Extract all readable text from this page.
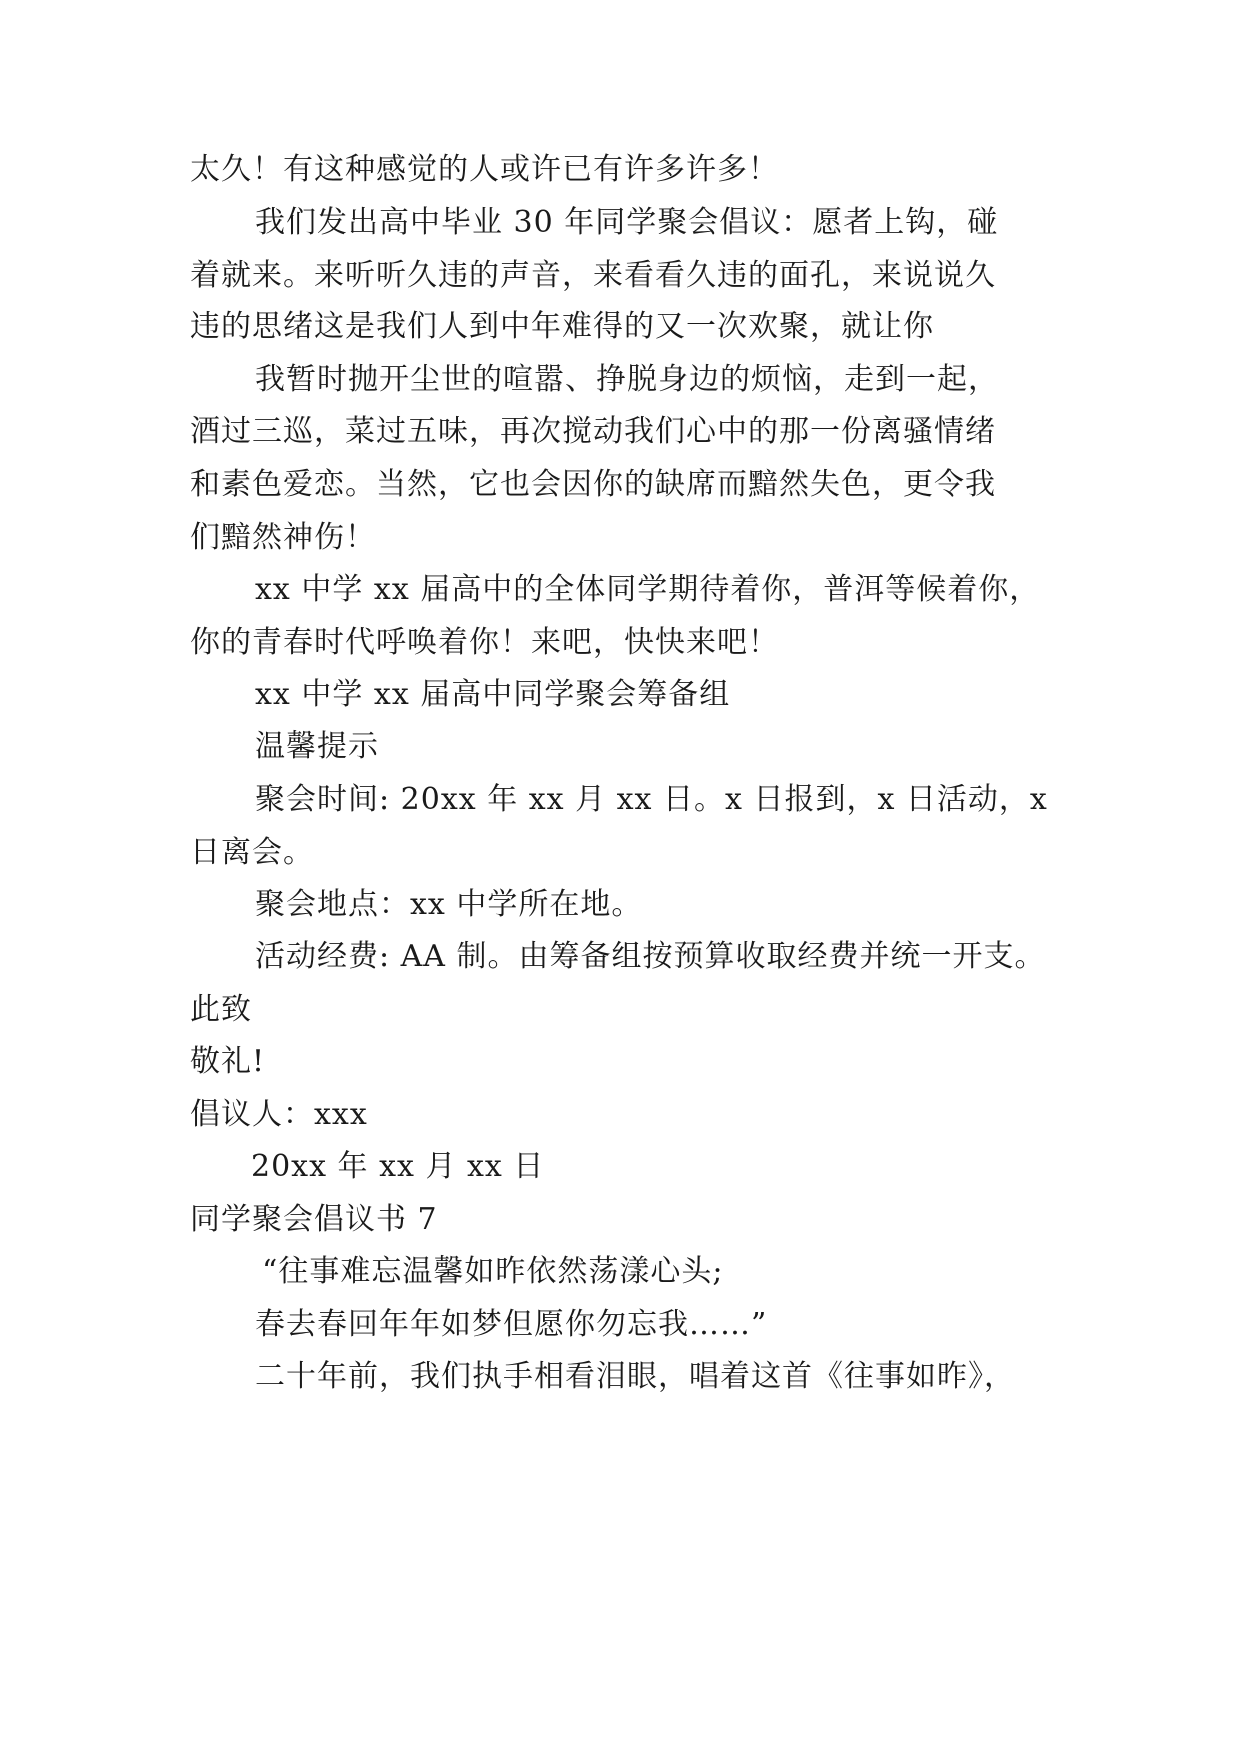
太久！有这种感觉的人或许已有许多许多！
我们发出高中毕业 30 年同学聚会倡议：愿者上钩，碰
着就来。来听听久违的声音，来看看久违的面孔，来说说久
违的思绪这是我们人到中年难得的又一次欢聚，就让你
我暂时抛开尘世的喧嚣、挣脱身边的烦恼，走到一起，
酒过三巡，菜过五味，再次搅动我们心中的那一份离骚情绪
和素色爱恋。当然，它也会因你的缺席而黯然失色，更令我
们黯然神伤！
xx 中学 xx 届高中的全体同学期待着你，普洱等候着你，
你的青春时代呼唤着你！来吧，快快来吧！
xx 中学 xx 届高中同学聚会筹备组
温馨提示
聚会时间: 20xx 年 xx 月 xx 日。x 日报到，x 日活动，x
日离会。
聚会地点：xx 中学所在地。
活动经费: AA 制。由筹备组按预算收取经费并统一开支。
此致
敬礼!
倡议人：xxx
20xx 年 xx 月 xx 日
同学聚会倡议书 7
“往事难忘温馨如昨依然荡漾心头;
春去春回年年如梦但愿你勿忘我……”
二十年前，我们执手相看泪眼，唱着这首《往事如昨》，
